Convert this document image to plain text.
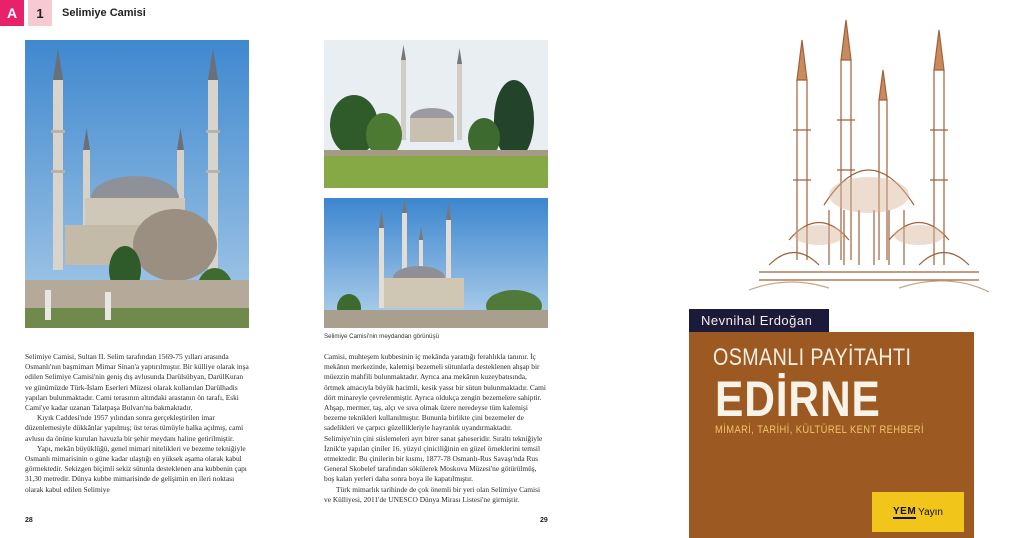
A	1	Selimiye Camisi

Selimiye Camisi, Sultan II. Selim tarafından 1569-75 yılları arasında Osmanlı'nın başmimarı Mimar Sinan'a yaptırılmıştır. Bir külliye olarak inşa edilen Selimiye Camisi'nin geniş dış avlusunda Darülsübyan, DarülKuran ve günümüzde Türk-İslam Eserleri Müzesi olarak kullanılan Darülhadis yapıları bulunmaktadır. Cami terasının altındaki arastanın ön tarafı, Eski Cami'ye kadar uzanan Talatpaşa Bulvarı'na bakmaktadır.

Kıyık Caddesi'nde 1957 yılından sonra gerçekleştirilen imar düzenlemesiyle dükkânlar yapılmış; üst teras tümüyle halka açılmış, cami avlusu da önüne kurulan havuzla bir şehir meydanı haline getirilmiştir.

Yapı, mekân büyüklüğü, genel mimari nitelikleri ve bezeme tekniğiyle Osmanlı mimarisinin o güne kadar ulaştığı en yüksek aşama olarak kabul görmektedir. Sekizgen biçimli sekiz sütunla desteklenen ana kubbenin çapı 31,30 metredir. Dünya kubbe mimarisinde de gelişimin en ileri noktası olarak kabul edilen Selimiye

28
Selimiye Camisi'nin meydandan görünüşü

Camisi, muhteşem kubbesinin iç mekânda yarattığı ferahlıkla tanınır. İç mekânın merkezinde, kalemişi bezemeli sütunlarla desteklenen ahşap bir müezzin mahfili bulunmaktadır. Ayrıca ana mekânın kuzeybatısında, örtmek amacıyla büyük hacimli, kesik yassı bir sütun bulunmaktadır. Cami dört minareyle çevrelenmiştir. Ayrıca oldukça zengin bezemelere sahiptir. Ahşap, mermer, taş, alçı ve sıva olmak üzere neredeyse tüm kalemişi bezeme teknikleri kullanılmıştır. Bununla birlikte çini bezemeler de sadelikleri ve çarpıcı güzellikleriyle hayranlık uyandırmaktadır. Selimiye'nin çini süslemeleri ayrı birer sanat şaheseridir. Sıraltı tekniğiyle İznik'te yapılan çiniler 16. yüzyıl çiniciliğinin en güzel örneklerini temsil etmektedir. Bu çinilerin bir kısmı, 1877-78 Osmanlı-Rus Savaşı'nda Rus General Skobelef tarafından sökülerek Moskova Müzesi'ne götürülmüş, boş kalan yerleri daha sonra boya ile kapatılmıştır.

Türk mimarlık tarihinde de çok önemli bir yeri olan Selimiye Camisi ve Külliyesi, 2011'de UNESCO Dünya Mirası Listesi'ne girmiştir.

29
Nevnihal Erdoğan
OSMANLI PAYİTAHTI
EDİRNE
MİMARİ, TARİHİ, KÜLTÜREL KENT REHBERİ
YEM Yayın
